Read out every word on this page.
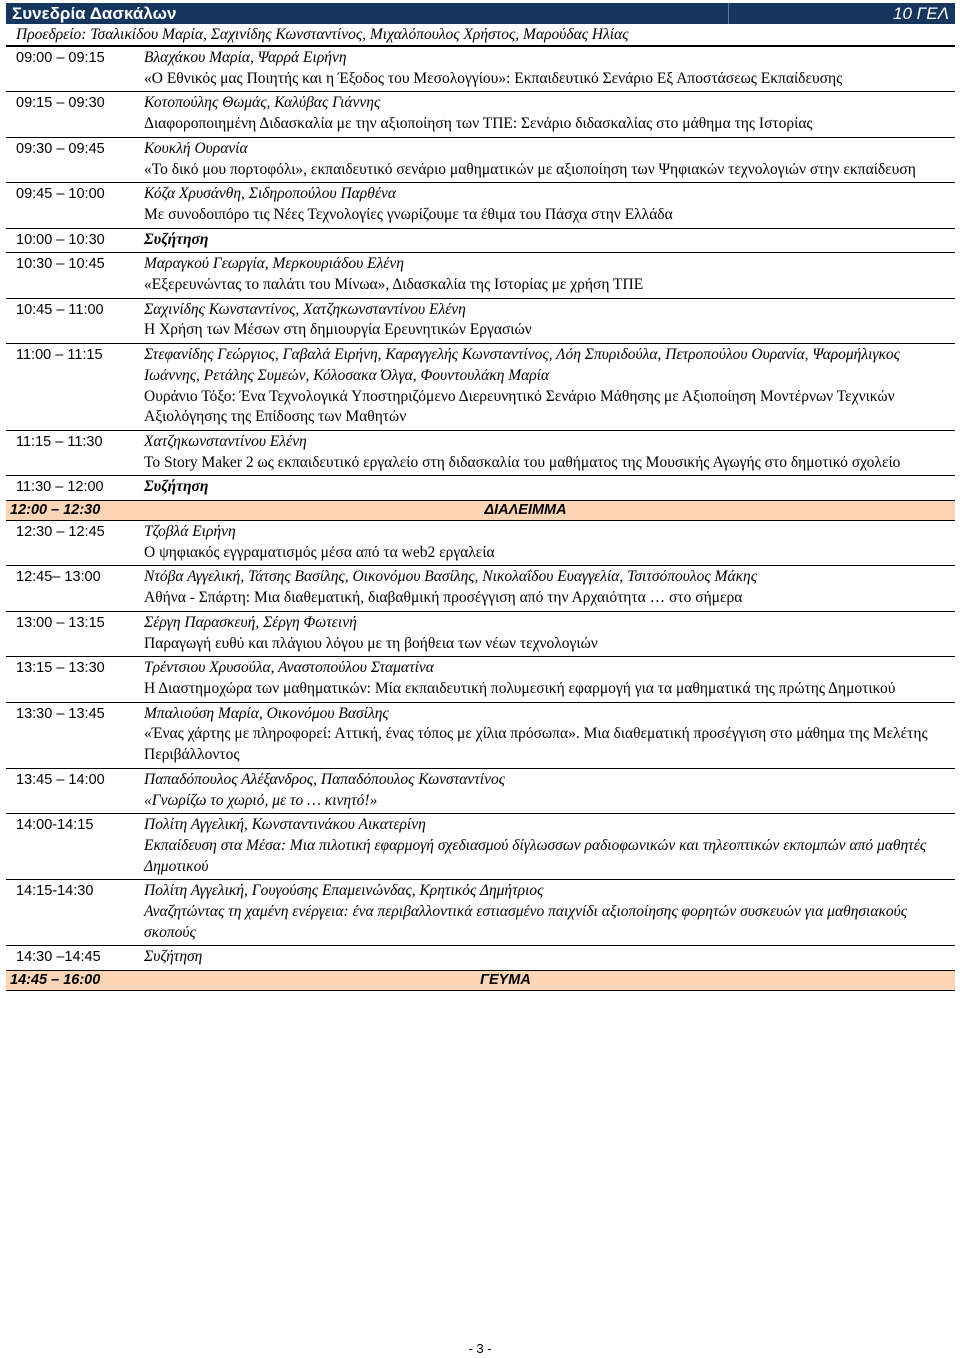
Συνεδρία Δασκάλων	10 ΓΕΛ
Προεδρείο: Τσαλικίδου Μαρία, Σαχινίδης Κωνσταντίνος, Μιχαλόπουλος Χρήστος, Μαρούδας Ηλίας
09:00 – 09:15	Βλαχάκου Μαρία, Ψαρρά Ειρήνη
«Ο Εθνικός μας Ποιητής και η Έξοδος του Μεσολογγίου»: Εκπαιδευτικό Σενάριο Εξ Αποστάσεως Εκπαίδευσης

09:15 – 09:30	Κοτοπούλης Θωμάς, Καλύβας Γιάννης
Διαφοροποιημένη Διδασκαλία με την αξιοποίηση των ΤΠΕ: Σενάριο διδασκαλίας στο μάθημα της Ιστορίας

09:30 – 09:45	Κουκλή Ουρανία
«Το δικό μου πορτοφόλι», εκπαιδευτικό σενάριο μαθηματικών με αξιοποίηση των Ψηφιακών τεχνολογιών στην εκπαίδευση

09:45 – 10:00	Κόζα Χρυσάνθη, Σιδηροπούλου Παρθένα
Με συνοδοιπόρο τις Νέες Τεχνολογίες γνωρίζουμε τα έθιμα του Πάσχα στην Ελλάδα

10:00 – 10:30	Συζήτηση

10:30 – 10:45	Μαραγκού Γεωργία, Μερκουριάδου Ελένη
«Εξερευνώντας το παλάτι του Μίνωα», Διδασκαλία της Ιστορίας με χρήση ΤΠΕ

10:45 – 11:00	Σαχινίδης Κωνσταντίνος, Χατζηκωνσταντίνου Ελένη
Η Χρήση των Μέσων στη δημιουργία Ερευνητικών Εργασιών

11:00 – 11:15	Στεφανίδης Γεώργιος, Γαβαλά Ειρήνη, Καραγγελής Κωνσταντίνος, Λόη Σπυριδούλα, Πετροπούλου Ουρανία, Ψαρομήλιγκος Ιωάννης, Ρετάλης Συμεών, Κόλοσακα Όλγα, Φουντουλάκη Μαρία
Ουράνιο Τόξο: Ένα Τεχνολογικά Υποστηριζόμενο Διερευνητικό Σενάριο Μάθησης με Αξιοποίηση Μοντέρνων Τεχνικών Αξιολόγησης της Επίδοσης των Μαθητών

11:15 – 11:30	Χατζηκωνσταντίνου Ελένη
Το Story Maker 2 ως εκπαιδευτικό εργαλείο στη διδασκαλία του μαθήματος της Μουσικής Αγωγής στο δημοτικό σχολείο

11:30 – 12:00	Συζήτηση

12:00 – 12:30	ΔΙΑΛΕΙΜΜΑ
12:30 – 12:45	Τζοβλά Ειρήνη
Ο ψηφιακός εγγραματισμός μέσα από τα web2 εργαλεία

12:45– 13:00	Ντόβα Αγγελική, Τάτσης Βασίλης, Οικονόμου Βασίλης, Νικολαΐδου Ευαγγελία, Τσιτσόπουλος Μάκης
Αθήνα - Σπάρτη: Μια διαθεματική, διαβαθμική προσέγγιση από την Αρχαιότητα … στο σήμερα

13:00 – 13:15	Σέργη Παρασκευή, Σέργη Φωτεινή
Παραγωγή ευθύ και πλάγιου λόγου με τη βοήθεια των νέων τεχνολογιών

13:15 – 13:30	Τρέντσιου Χρυσούλα, Αναστοπούλου Σταματίνα
Η Διαστημοχώρα των μαθηματικών: Μία εκπαιδευτική πολυμεσική εφαρμογή για τα μαθηματικά της πρώτης Δημοτικού

13:30 – 13:45	Μπαλιούση Μαρία, Οικονόμου Βασίλης
«Ένας χάρτης με πληροφορεί: Αττική, ένας τόπος με χίλια πρόσωπα». Μια διαθεματική προσέγγιση στο μάθημα της Μελέτης Περιβάλλοντος

13:45 – 14:00	Παπαδόπουλος Αλέξανδρος, Παπαδόπουλος Κωνσταντίνος
«Γνωρίζω το χωριό, με το … κινητό!»

14:00-14:15	Πολίτη Αγγελική, Κωνσταντινάκου Αικατερίνη
Εκπαίδευση στα Μέσα: Μια πιλοτική εφαρμογή σχεδιασμού δίγλωσσων ραδιοφωνικών και τηλεοπτικών εκπομπών από μαθητές Δημοτικού

14:15-14:30	Πολίτη Αγγελική, Γουγούσης Επαμεινώνδας, Κρητικός Δημήτριος
Αναζητώντας τη χαμένη ενέργεια: ένα περιβαλλοντικά εστιασμένο παιχνίδι αξιοποίησης φορητών συσκευών για μαθησιακούς σκοπούς

14:30 –14:45	Συζήτηση

14:45 – 16:00	ΓΕΥΜΑ
- 3 -
